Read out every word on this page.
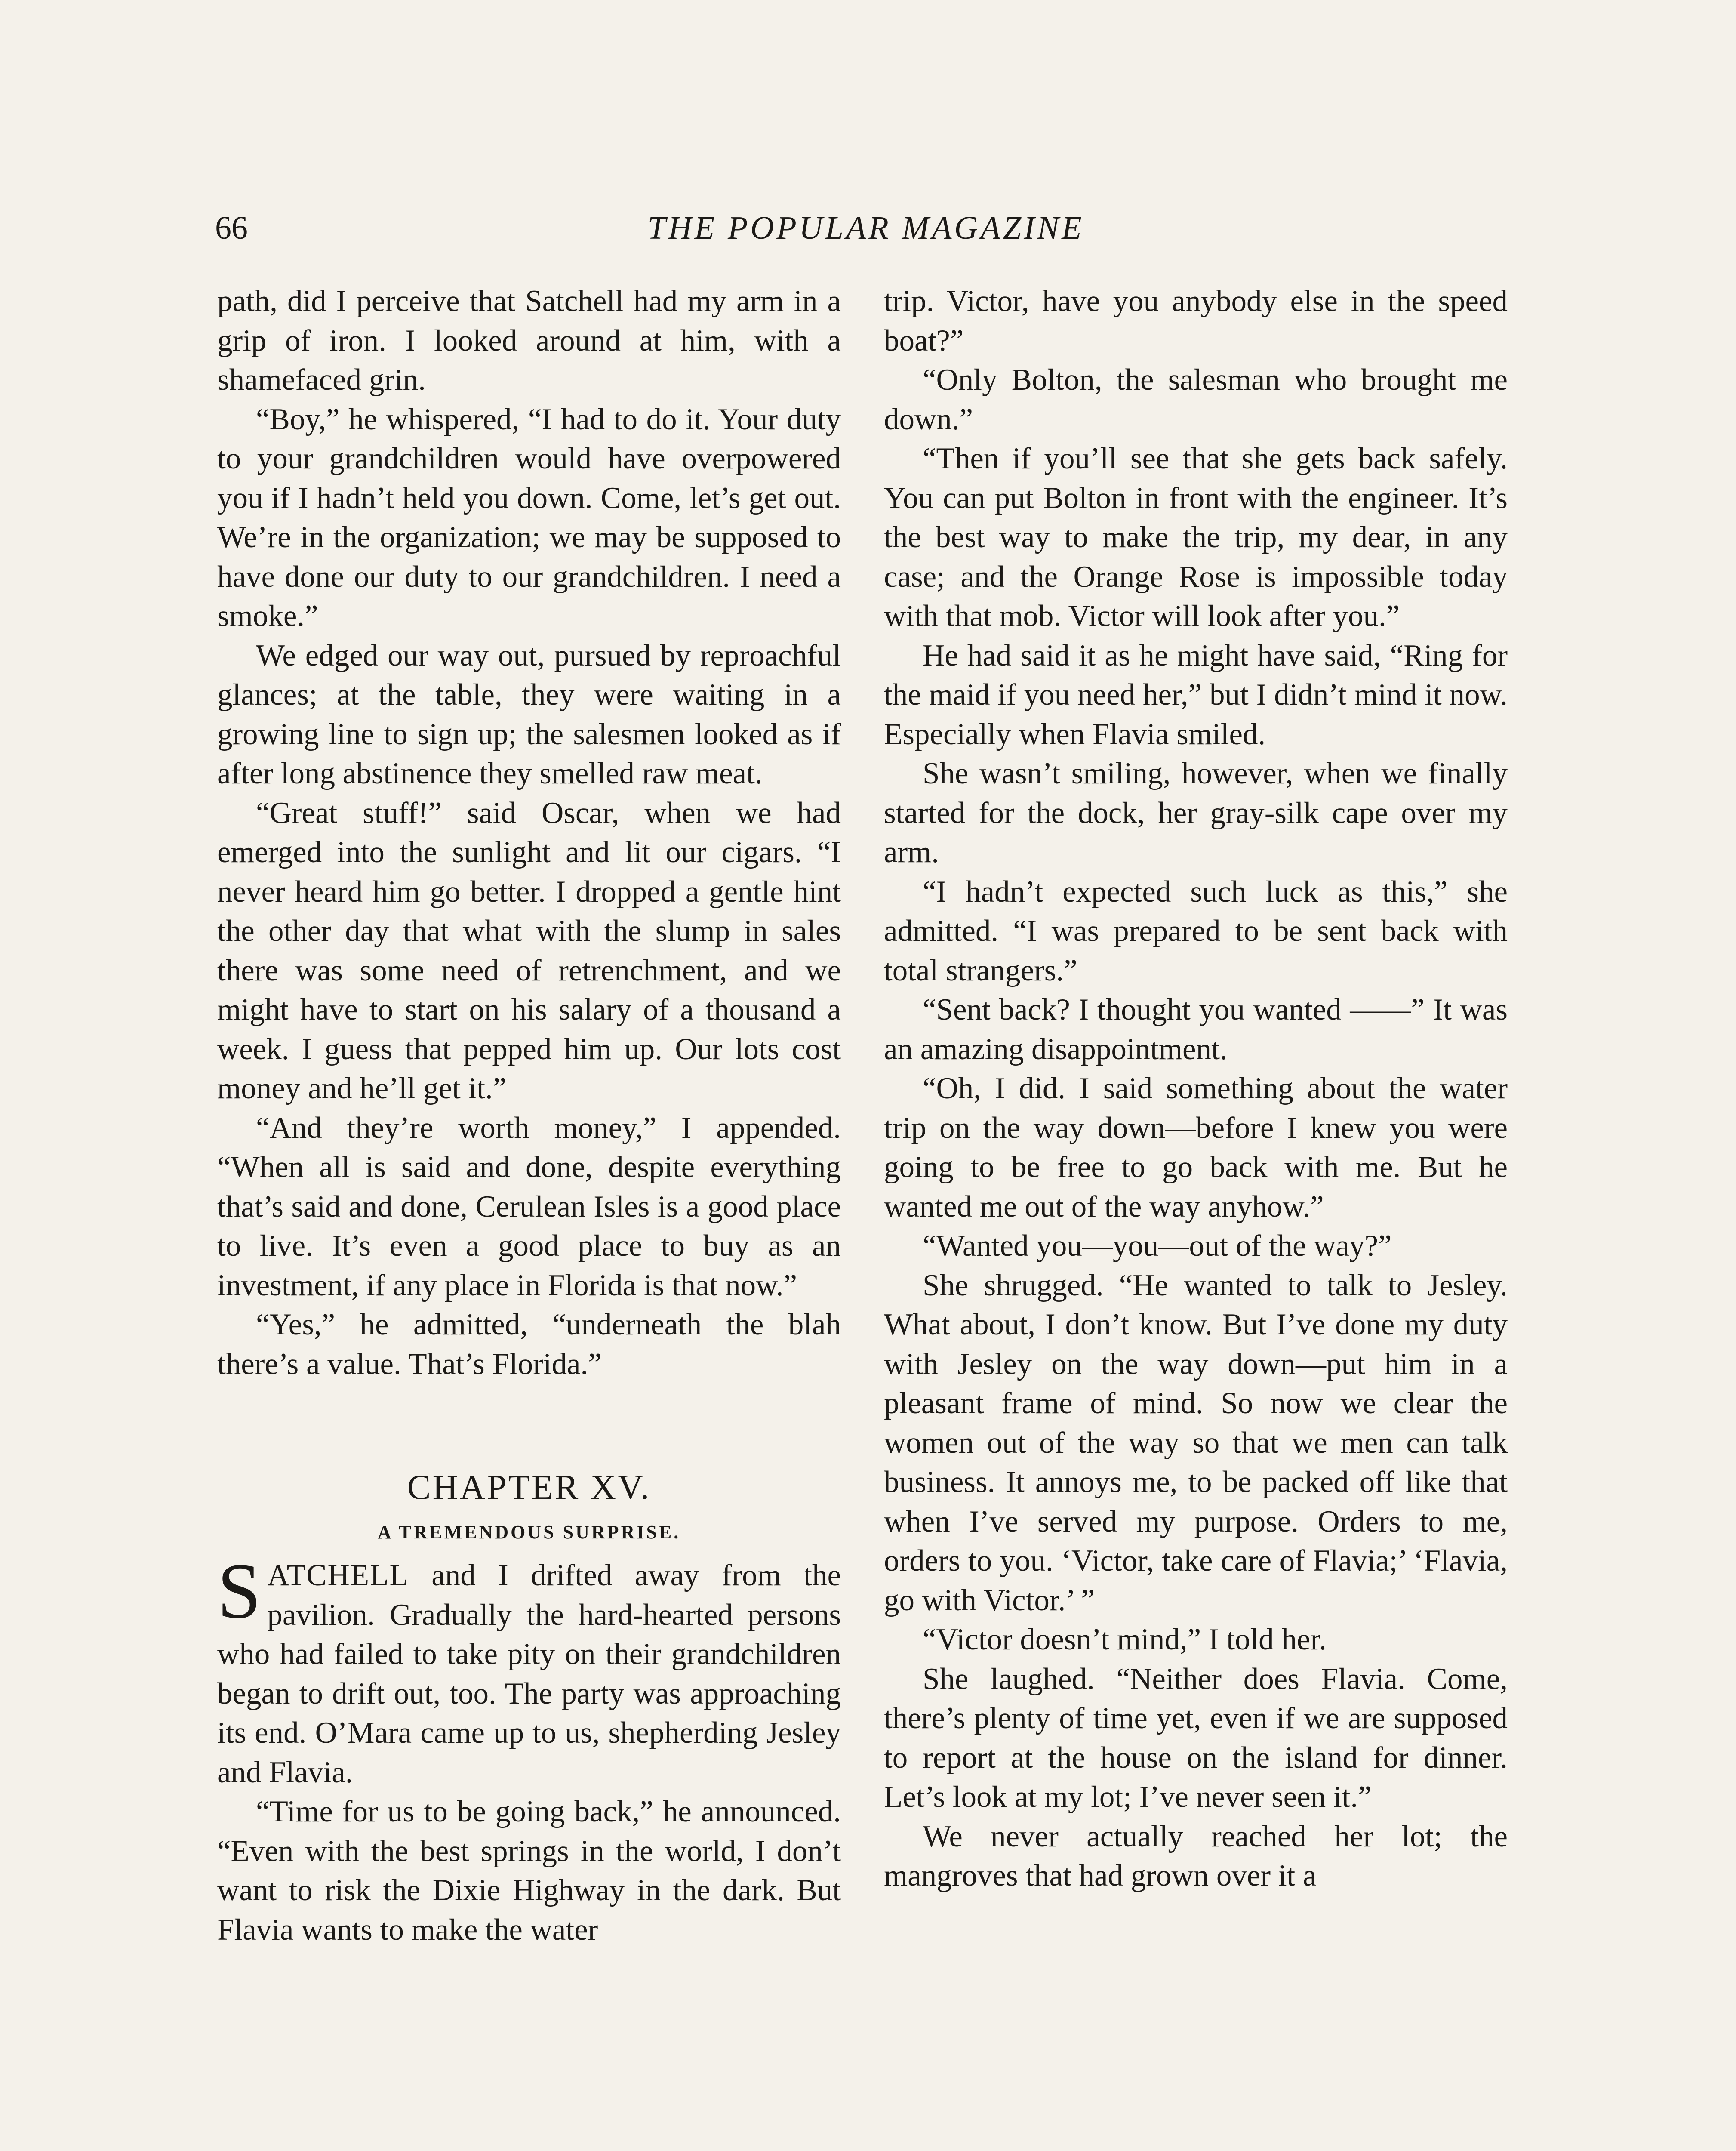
66	THE POPULAR MAGAZINE

path, did I perceive that Satchell had my arm in a grip of iron. I looked around at him, with a shamefaced grin.

“Boy,” he whispered, “I had to do it. Your duty to your grandchildren would have overpowered you if I hadn’t held you down. Come, let’s get out. We’re in the organization; we may be supposed to have done our duty to our grandchildren. I need a smoke.”

We edged our way out, pursued by reproachful glances; at the table, they were waiting in a growing line to sign up; the salesmen looked as if after long abstinence they smelled raw meat.

“Great stuff!” said Oscar, when we had emerged into the sunlight and lit our cigars. “I never heard him go better. I dropped a gentle hint the other day that what with the slump in sales there was some need of retrenchment, and we might have to start on his salary of a thousand a week. I guess that pepped him up. Our lots cost money and he’ll get it.”

“And they’re worth money,” I appended. “When all is said and done, despite everything that’s said and done, Cerulean Isles is a good place to live. It’s even a good place to buy as an investment, if any place in Florida is that now.”

“Yes,” he admitted, “underneath the blah there’s a value. That’s Florida.”

CHAPTER XV.
A TREMENDOUS SURPRISE.

SATCHELL and I drifted away from the pavilion. Gradually the hard-hearted persons who had failed to take pity on their grandchildren began to drift out, too. The party was approaching its end. O’Mara came up to us, shepherding Jesley and Flavia.

“Time for us to be going back,” he announced. “Even with the best springs in the world, I don’t want to risk the Dixie Highway in the dark. But Flavia wants to make the water

trip. Victor, have you anybody else in the speed boat?”

“Only Bolton, the salesman who brought me down.”

“Then if you’ll see that she gets back safely. You can put Bolton in front with the engineer. It’s the best way to make the trip, my dear, in any case; and the Orange Rose is impossible today with that mob. Victor will look after you.”

He had said it as he might have said, “Ring for the maid if you need her,” but I didn’t mind it now. Especially when Flavia smiled.

She wasn’t smiling, however, when we finally started for the dock, her gray-silk cape over my arm.

“I hadn’t expected such luck as this,” she admitted. “I was prepared to be sent back with total strangers.”

“Sent back? I thought you wanted ——” It was an amazing disappointment.

“Oh, I did. I said something about the water trip on the way down—before I knew you were going to be free to go back with me. But he wanted me out of the way anyhow.”

“Wanted you—you—out of the way?”

She shrugged. “He wanted to talk to Jesley. What about, I don’t know. But I’ve done my duty with Jesley on the way down—put him in a pleasant frame of mind. So now we clear the women out of the way so that we men can talk business. It annoys me, to be packed off like that when I’ve served my purpose. Orders to me, orders to you. ‘Victor, take care of Flavia;’ ‘Flavia, go with Victor.’ ”

“Victor doesn’t mind,” I told her.

She laughed. “Neither does Flavia. Come, there’s plenty of time yet, even if we are supposed to report at the house on the island for dinner. Let’s look at my lot; I’ve never seen it.”

We never actually reached her lot; the mangroves that had grown over it a
